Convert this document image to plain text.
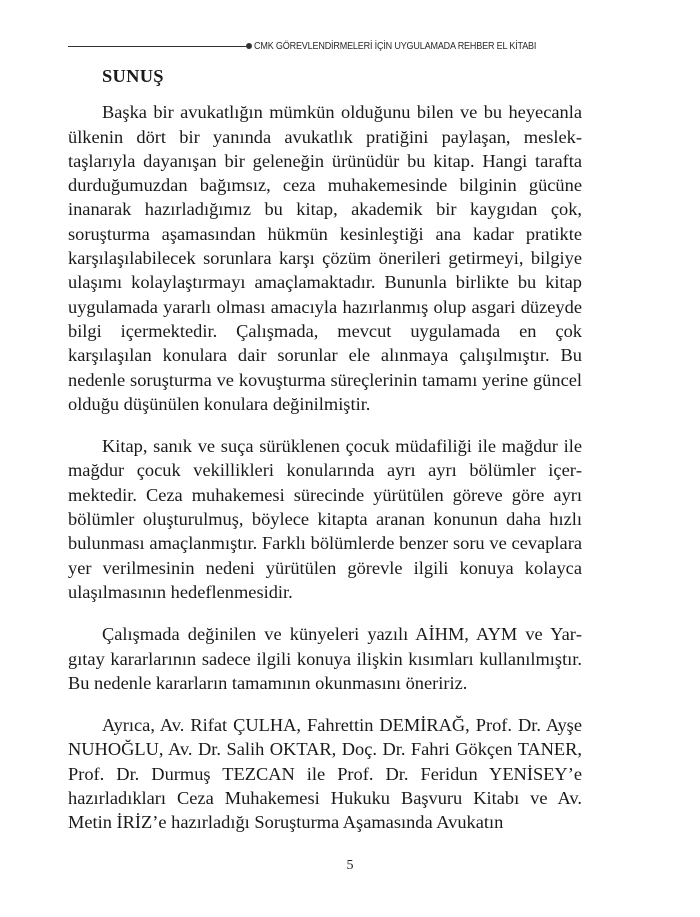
CMK GÖREVLENDİRMELERİ İÇİN UYGULAMADA REHBER EL KİTABI
SUNUŞ

Başka bir avukatlığın mümkün olduğunu bilen ve bu heyecanla ülkenin dört bir yanında avukatlık pratiğini paylaşan, meslektaşlarıyla dayanışan bir geleneğin ürünüdür bu kitap. Hangi tarafta durduğumuzdan bağımsız, ceza muhakemesinde bilginin gücüne inanarak hazırladığımız bu kitap, akademik bir kaygıdan çok, soruşturma aşamasından hükmün kesinleştiği ana kadar pratikte karşılaşılabilecek sorunlara karşı çözüm önerileri getirmeyi, bilgiye ulaşımı kolaylaştırmayı amaçlamaktadır. Bununla birlikte bu kitap uygulamada yararlı olması amacıyla hazırlanmış olup asgari düzeyde bilgi içermektedir. Çalışmada, mevcut uygulamada en çok karşılaşılan konulara dair sorunlar ele alınmaya çalışılmıştır. Bu nedenle soruşturma ve kovuşturma süreçlerinin tamamı yerine güncel olduğu düşünülen konulara değinilmiştir.

Kitap, sanık ve suça sürüklenen çocuk müdafiliği ile mağdur ile mağdur çocuk vekillikleri konularında ayrı ayrı bölümler içermektedir. Ceza muhakemesi sürecinde yürütülen göreve göre ayrı bölümler oluşturulmuş, böylece kitapta aranan konunun daha hızlı bulunması amaçlanmıştır. Farklı bölümlerde benzer soru ve cevaplara yer verilmesinin nedeni yürütülen görevle ilgili konuya kolayca ulaşılmasının hedeflenmesidir.

Çalışmada değinilen ve künyeleri yazılı AİHM, AYM ve Yargıtay kararlarının sadece ilgili konuya ilişkin kısımları kullanılmıştır. Bu nedenle kararların tamamının okunmasını öneririz.

Ayrıca, Av. Rifat ÇULHA, Fahrettin DEMİRAĞ, Prof. Dr. Ayşe NUHOĞLU, Av. Dr. Salih OKTAR, Doç. Dr. Fahri Gökçen TANER, Prof. Dr. Durmuş TEZCAN ile Prof. Dr. Feridun YENİSEY’e hazırladıkları Ceza Muhakemesi Hukuku Başvuru Kitabı ve Av. Metin İRİZ’e hazırladığı Soruşturma Aşamasında Avukatın

5
